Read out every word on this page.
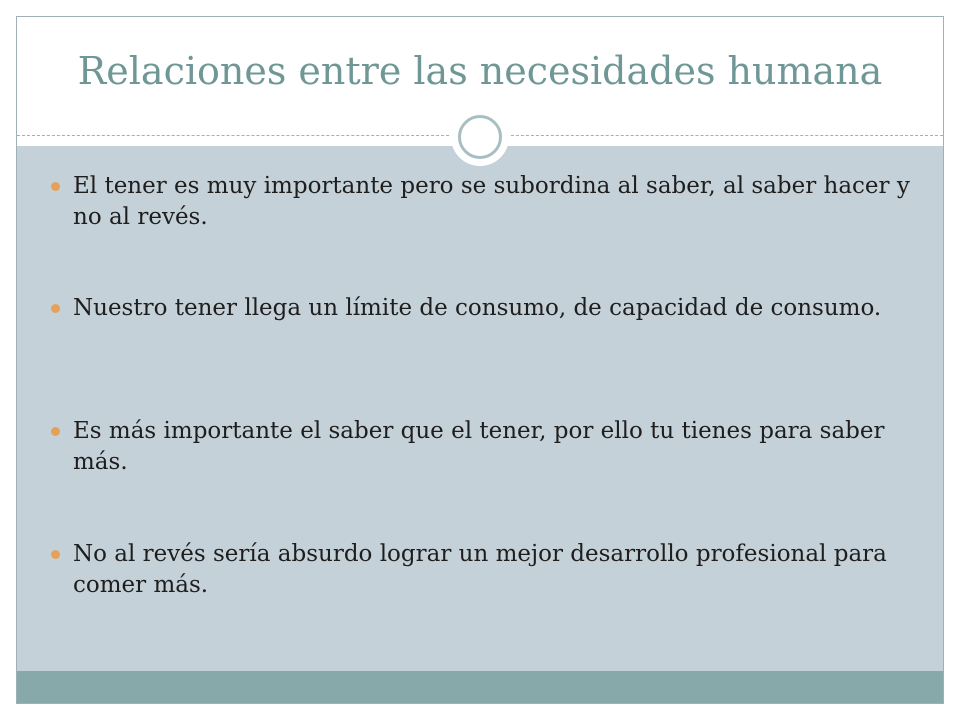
Relaciones entre las necesidades humana
El tener es muy importante pero se subordina al saber, al saber hacer y no al revés.
Nuestro tener llega un límite de consumo, de capacidad de consumo.
Es más importante el saber que el tener, por ello tu tienes para saber más.
No al revés sería absurdo lograr un mejor desarrollo profesional para comer más.
